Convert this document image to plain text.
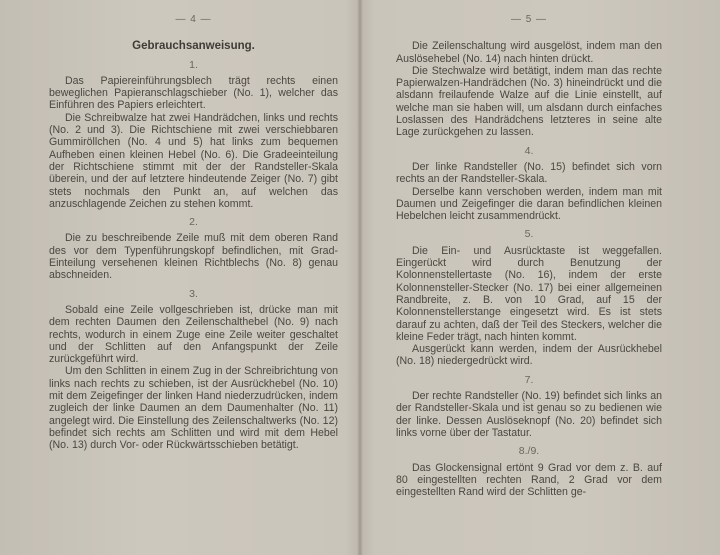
— 4 —
Gebrauchsanweisung.
1.

Das Papiereinführungsblech trägt rechts einen beweglichen Papieranschlagschieber (No. 1), welcher das Einführen des Papiers erleichtert.

Die Schreibwalze hat zwei Handrädchen, links und rechts (No. 2 und 3). Die Richtschiene mit zwei verschiebbaren Gummiröllchen (No. 4 und 5) hat links zum bequemen Aufheben einen kleinen Hebel (No. 6). Die Gradeeinteilung der Richtschiene stimmt mit der der Randsteller-Skala überein, und der auf letztere hindeutende Zeiger (No. 7) gibt stets nochmals den Punkt an, auf welchen das anzuschlagende Zeichen zu stehen kommt.

2.

Die zu beschreibende Zeile muß mit dem oberen Rand des vor dem Typenführungskopf befindlichen, mit Grad-Einteilung versehenen kleinen Richtblechs (No. 8) genau abschneiden.

3.

Sobald eine Zeile vollgeschrieben ist, drücke man mit dem rechten Daumen den Zeilenschalthebel (No. 9) nach rechts, wodurch in einem Zuge eine Zeile weiter geschaltet und der Schlitten auf den Anfangspunkt der Zeile zurückgeführt wird.

Um den Schlitten in einem Zug in der Schreibrichtung von links nach rechts zu schieben, ist der Ausrückhebel (No. 10) mit dem Zeigefinger der linken Hand niederzudrücken, indem zugleich der linke Daumen an dem Daumenhalter (No. 11) angelegt wird. Die Einstellung des Zeilenschaltwerks (No. 12) befindet sich rechts am Schlitten und wird mit dem Hebel (No. 13) durch Vor- oder Rückwärtsschieben betätigt.

— 5 —

Die Zeilenschaltung wird ausgelöst, indem man den Auslösehebel (No. 14) nach hinten drückt.

Die Stechwalze wird betätigt, indem man das rechte Papierwalzen-Handrädchen (No. 3) hineindrückt und die alsdann freilaufende Walze auf die Linie einstellt, auf welche man sie haben will, um alsdann durch einfaches Loslassen des Handrädchens letzteres in seine alte Lage zurückgehen zu lassen.

4.

Der linke Randsteller (No. 15) befindet sich vorn rechts an der Randsteller-Skala.

Derselbe kann verschoben werden, indem man mit Daumen und Zeigefinger die daran befindlichen kleinen Hebelchen leicht zusammendrückt.

5.

Die Ein- und Ausrücktaste ist weggefallen. Eingerückt wird durch Benutzung der Kolonnenstellertaste (No. 16), indem der erste Kolonnensteller-Stecker (No. 17) bei einer allgemeinen Randbreite, z. B. von 10 Grad, auf 15 der Kolonnenstellerstange eingesetzt wird. Es ist stets darauf zu achten, daß der Teil des Steckers, welcher die kleine Feder trägt, nach hinten kommt.

Ausgerückt kann werden, indem der Ausrückhebel (No. 18) niedergedrückt wird.

7.

Der rechte Randsteller (No. 19) befindet sich links an der Randsteller-Skala und ist genau so zu bedienen wie der linke. Dessen Auslöseknopf (No. 20) befindet sich links vorne über der Tastatur.

8./9.

Das Glockensignal ertönt 9 Grad vor dem z. B. auf 80 eingestellten rechten Rand, 2 Grad vor dem eingestellten Rand wird der Schlitten ge-
